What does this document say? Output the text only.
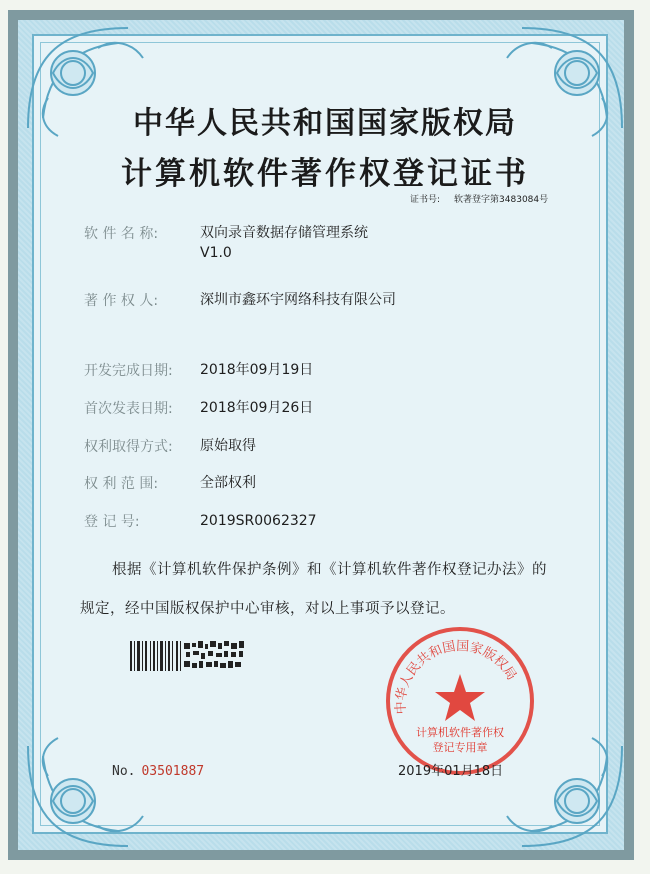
中华人民共和国国家版权局
计算机软件著作权登记证书
证书号: 软著登字第3483084号
软 件 名 称:	双向录音数据存储管理系统
V1.0
著 作 权 人:	深圳市鑫环宇网络科技有限公司
开发完成日期:	2018年09月19日
首次发表日期:	2018年09月26日
权利取得方式:	原始取得
权 利 范 围:	全部权利
登 记 号:	2019SR0062327
根据《计算机软件保护条例》和《计算机软件著作权登记办法》的
规定，经中国版权保护中心审核，对以上事项予以登记。
No. 03501887
中华人民共和国国家版权局
计算机软件著作权
登记专用章
2019年01月18日
